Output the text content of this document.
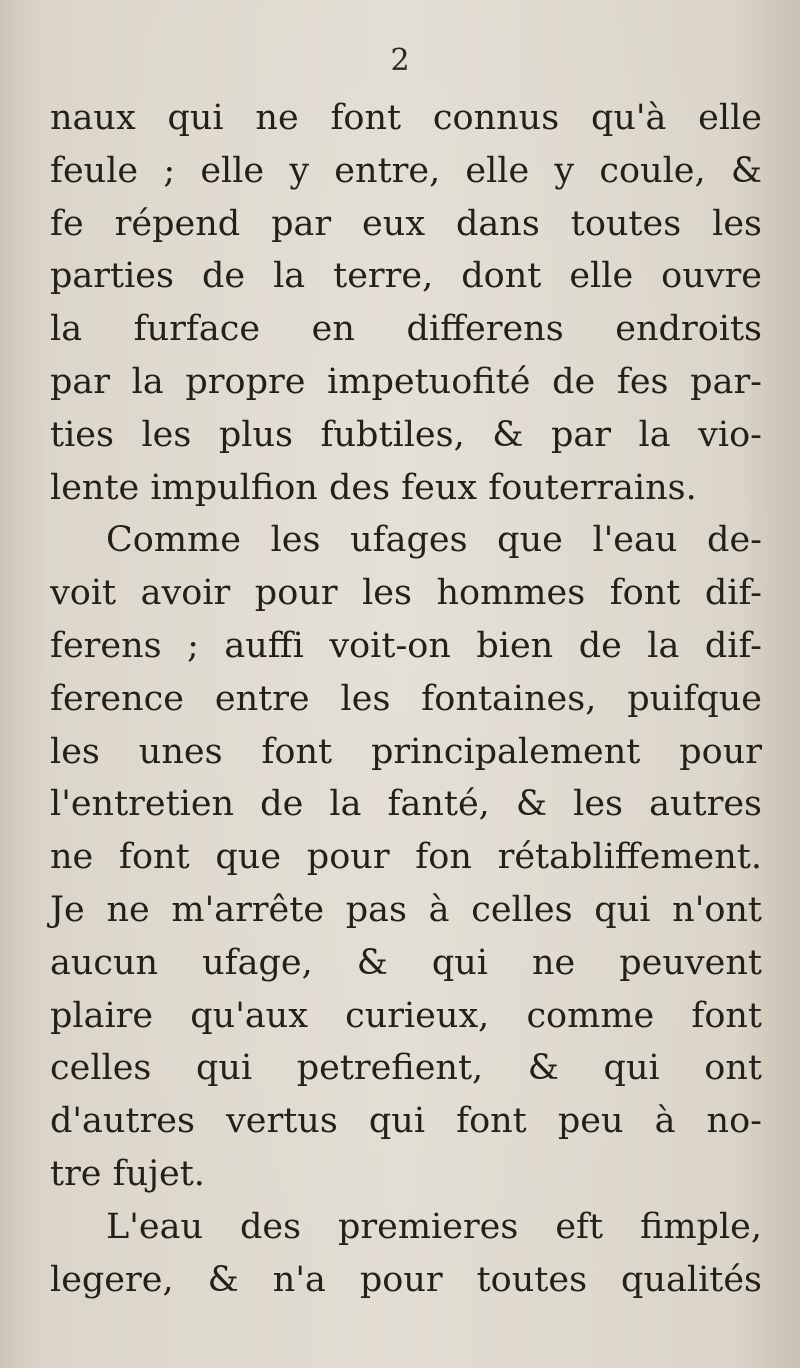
2
naux qui ne font connus qu'à elle
feule ; elle y entre, elle y coule, &
fe répend par eux dans toutes les
parties de la terre, dont elle ouvre
la furface en differens endroits
par la propre impetuofité de fes par-
ties les plus fubtiles, & par la vio-
lente impulfion des feux fouterrains.
Comme les ufages que l'eau de-
voit avoir pour les hommes font dif-
ferens ; auffi voit-on bien de la dif-
ference entre les fontaines, puifque
les unes font principalement pour
l'entretien de la fanté, & les autres
ne font que pour fon rétabliffement.
Je ne m'arrête pas à celles qui n'ont
aucun ufage, & qui ne peuvent
plaire qu'aux curieux, comme font
celles qui petrefient, & qui ont
d'autres vertus qui font peu à no-
tre fujet.
L'eau des premieres eft fimple,
legere, & n'a pour toutes qualités
